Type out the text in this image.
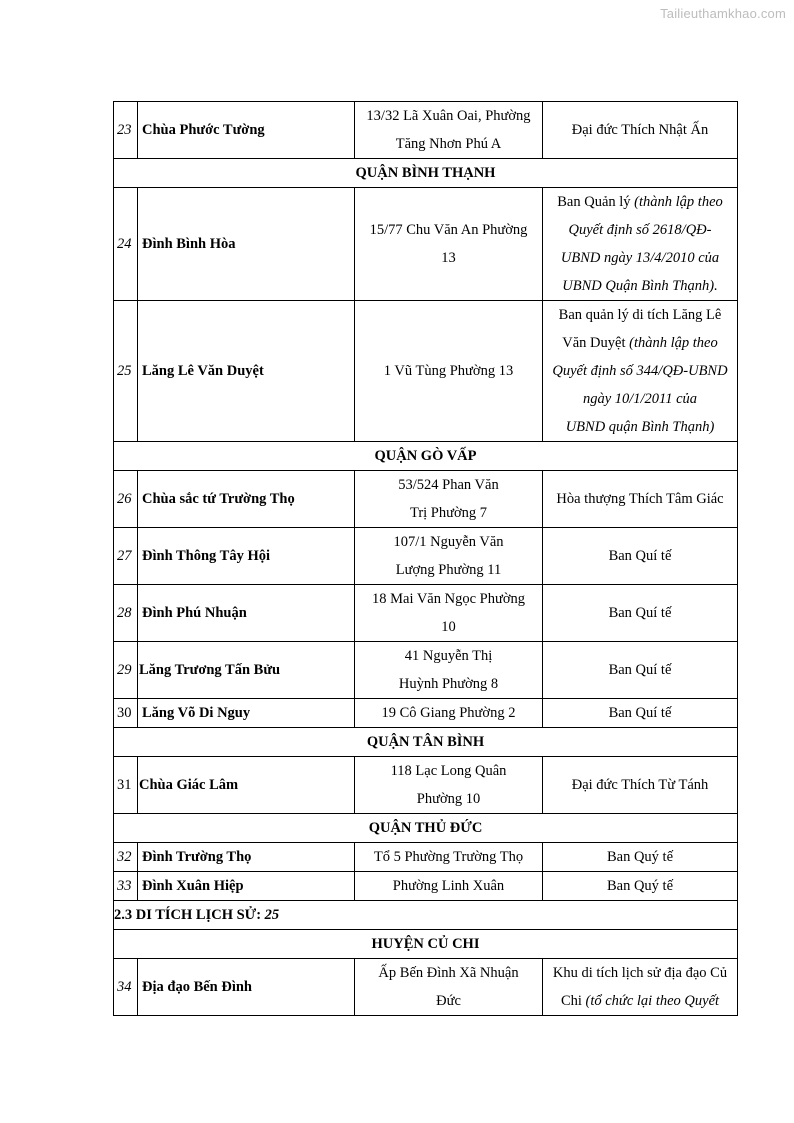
Tailieuthamkhao.com
23	Chùa Phước Tường	13/32 Lã Xuân Oai, Phường
Tăng Nhơn Phú A	Đại đức Thích Nhật Ấn
QUẬN BÌNH THẠNH			
24	Đình Bình Hòa	15/77 Chu Văn An Phường
13	Ban Quản lý (thành lập theo
Quyết định số 2618/QĐ-
UBND ngày 13/4/2010 của
UBND Quận Bình Thạnh).
25	Lăng Lê Văn Duyệt	1 Vũ Tùng Phường 13	Ban quản lý di tích Lăng Lê
Văn Duyệt (thành lập theo
Quyết định số 344/QĐ-UBND
ngày 10/1/2011 của
UBND quận Bình Thạnh)
QUẬN GÒ VẤP			
26	Chùa sắc tứ Trường Thọ	53/524 Phan Văn
Trị Phường 7	Hòa thượng Thích Tâm Giác
27	Đình Thông Tây Hội	107/1 Nguyễn Văn
Lượng Phường 11	Ban Quí tế
28	Đình Phú Nhuận	18 Mai Văn Ngọc Phường
10	Ban Quí tế
29	Lăng Trương Tấn Bửu	41 Nguyễn Thị
Huỳnh Phường 8	Ban Quí tế
30	Lăng Võ Di Nguy	19 Cô Giang Phường 2	Ban Quí tế
QUẬN TÂN BÌNH			
31	Chùa Giác Lâm	118 Lạc Long Quân
Phường 10	Đại đức Thích Từ Tánh
QUẬN THỦ ĐỨC			
32	Đình Trường Thọ	Tổ 5 Phường Trường Thọ	Ban Quý tế
33	Đình Xuân Hiệp	Phường Linh Xuân	Ban Quý tế
2.3 DI TÍCH LỊCH SỬ: 25			
HUYỆN CỦ CHI			
34	Địa đạo Bến Đình	Ấp Bến Đình Xã Nhuận
Đức	Khu di tích lịch sử địa đạo Củ
Chi (tổ chức lại theo Quyết
